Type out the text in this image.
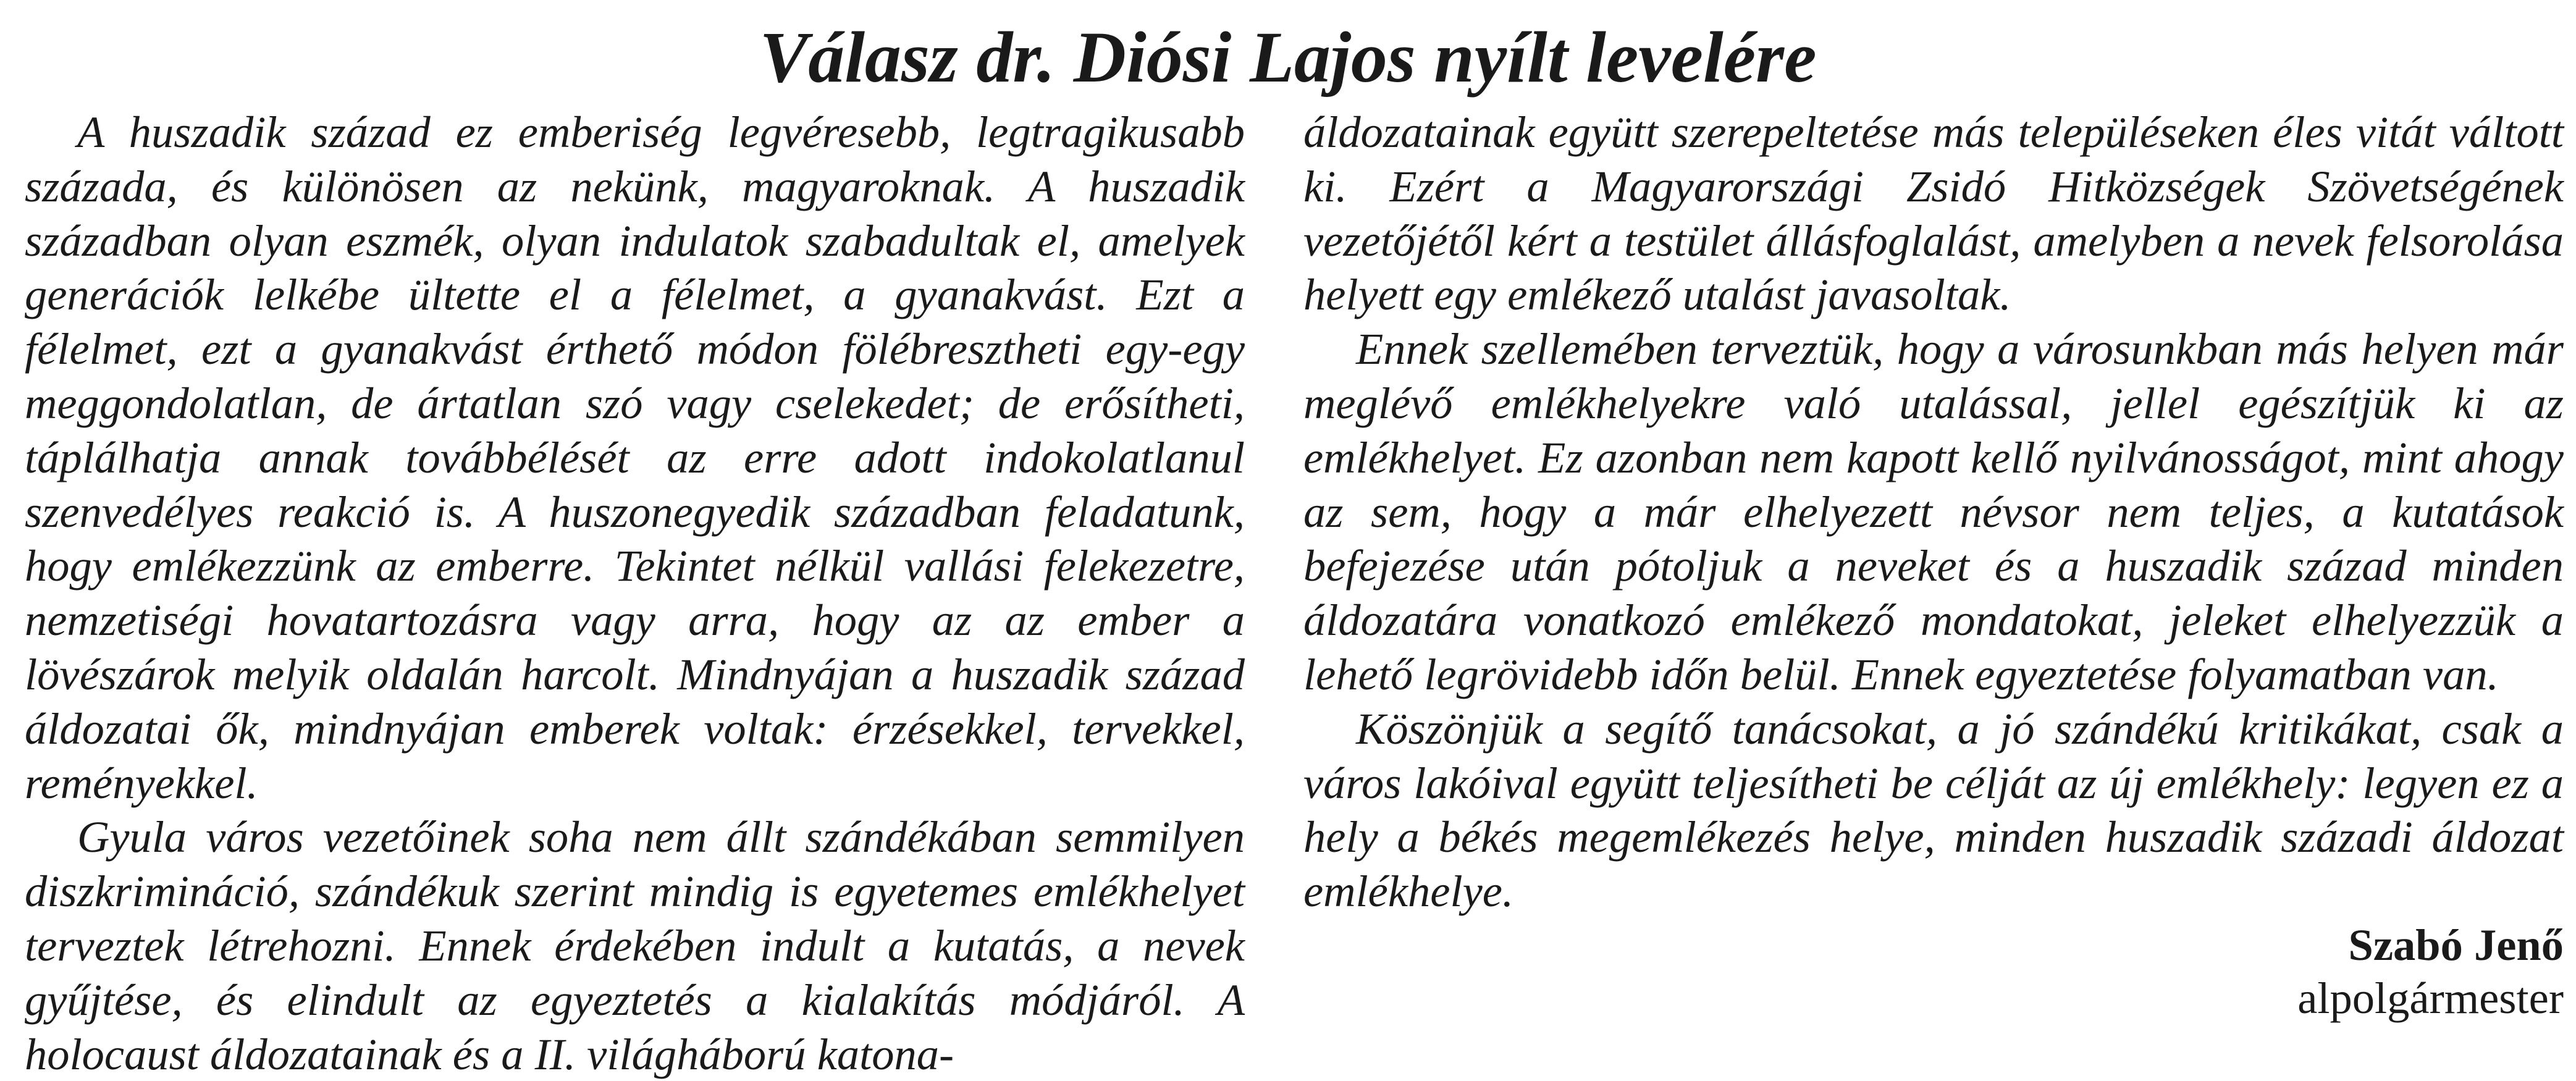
Válasz dr. Diósi Lajos nyílt levelére

A huszadik század ez emberiség legvéresebb, legtragikusabb százada, és különösen az nekünk, magyaroknak. A huszadik században olyan eszmék, olyan indulatok szabadultak el, amelyek generációk lelkébe ültette el a félelmet, a gyanakvást. Ezt a félelmet, ezt a gyanakvást érthető módon fölébresztheti egy-egy meggondolatlan, de ártatlan szó vagy cselekedet; de erősítheti, táplálhatja annak továbbélését az erre adott indokolatlanul szenvedélyes reakció is. A huszonegyedik században feladatunk, hogy emlékezzünk az emberre. Tekintet nélkül vallási felekezetre, nemzetiségi hovatartozásra vagy arra, hogy az az ember a lövészárok melyik oldalán harcolt. Mindnyájan a huszadik század áldozatai ők, mindnyájan emberek voltak: érzésekkel, tervekkel, reményekkel.

Gyula város vezetőinek soha nem állt szándékában semmilyen diszkrimináció, szándékuk szerint mindig is egyetemes emlékhelyet terveztek létrehozni. Ennek érdekében indult a kutatás, a nevek gyűjtése, és elindult az egyeztetés a kialakítás módjáról. A holocaust áldozatainak és a II. világháború katona-

áldozatainak együtt szerepeltetése más településeken éles vitát váltott ki. Ezért a Magyarországi Zsidó Hitközségek Szövetségének vezetőjétől kért a testület állásfoglalást, amelyben a nevek felsorolása helyett egy emlékező utalást javasoltak.

Ennek szellemében terveztük, hogy a városunkban más helyen már meglévő emlékhelyekre való utalással, jellel egészítjük ki az emlékhelyet. Ez azonban nem kapott kellő nyilvánosságot, mint ahogy az sem, hogy a már elhelyezett névsor nem teljes, a kutatások befejezése után pótoljuk a neveket és a huszadik század minden áldozatára vonatkozó emlékező mondatokat, jeleket elhelyezzük a lehető legrövidebb időn belül. Ennek egyeztetése folyamatban van.

Köszönjük a segítő tanácsokat, a jó szándékú kritikákat, csak a város lakóival együtt teljesítheti be célját az új emlékhely: legyen ez a hely a békés megemlékezés helye, minden huszadik századi áldozat emlékhelye.

Szabó Jenő
alpolgármester
